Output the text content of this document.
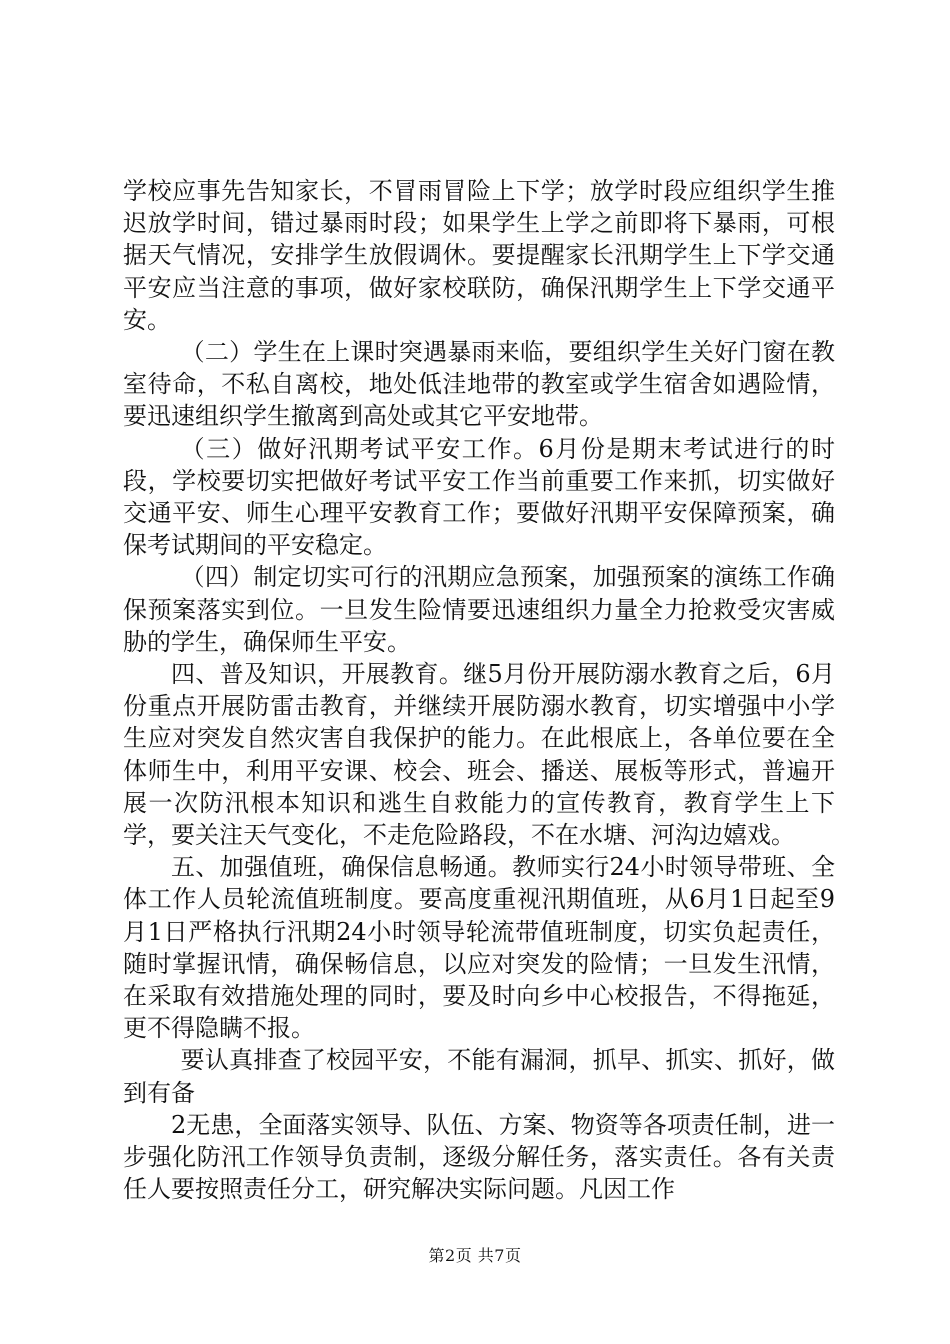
学校应事先告知家长，不冒雨冒险上下学；放学时段应组织学生推迟放学时间，错过暴雨时段；如果学生上学之前即将下暴雨，可根据天气情况，安排学生放假调休。要提醒家长汛期学生上下学交通平安应当注意的事项，做好家校联防，确保汛期学生上下学交通平安。

（二）学生在上课时突遇暴雨来临，要组织学生关好门窗在教室待命，不私自离校，地处低洼地带的教室或学生宿舍如遇险情，要迅速组织学生撤离到高处或其它平安地带。

（三）做好汛期考试平安工作。6月份是期末考试进行的时段，学校要切实把做好考试平安工作当前重要工作来抓，切实做好交通平安、师生心理平安教育工作；要做好汛期平安保障预案，确保考试期间的平安稳定。

（四）制定切实可行的汛期应急预案，加强预案的演练工作确保预案落实到位。一旦发生险情要迅速组织力量全力抢救受灾害威胁的学生，确保师生平安。

四、普及知识，开展教育。继5月份开展防溺水教育之后，6月份重点开展防雷击教育，并继续开展防溺水教育，切实增强中小学生应对突发自然灾害自我保护的能力。在此根底上，各单位要在全体师生中，利用平安课、校会、班会、播送、展板等形式，普遍开展一次防汛根本知识和逃生自救能力的宣传教育，教育学生上下学，要关注天气变化，不走危险路段，不在水塘、河沟边嬉戏。

五、加强值班，确保信息畅通。教师实行24小时领导带班、全体工作人员轮流值班制度。要高度重视汛期值班，从6月1日起至9月1日严格执行汛期24小时领导轮流带值班制度，切实负起责任，随时掌握讯情，确保畅信息，以应对突发的险情；一旦发生汛情，在采取有效措施处理的同时，要及时向乡中心校报告，不得拖延，更不得隐瞒不报。

要认真排查了校园平安，不能有漏洞，抓早、抓实、抓好，做到有备

2无患，全面落实领导、队伍、方案、物资等各项责任制，进一步强化防汛工作领导负责制，逐级分解任务，落实责任。各有关责任人要按照责任分工，研究解决实际问题。凡因工作

第2页 共7页
